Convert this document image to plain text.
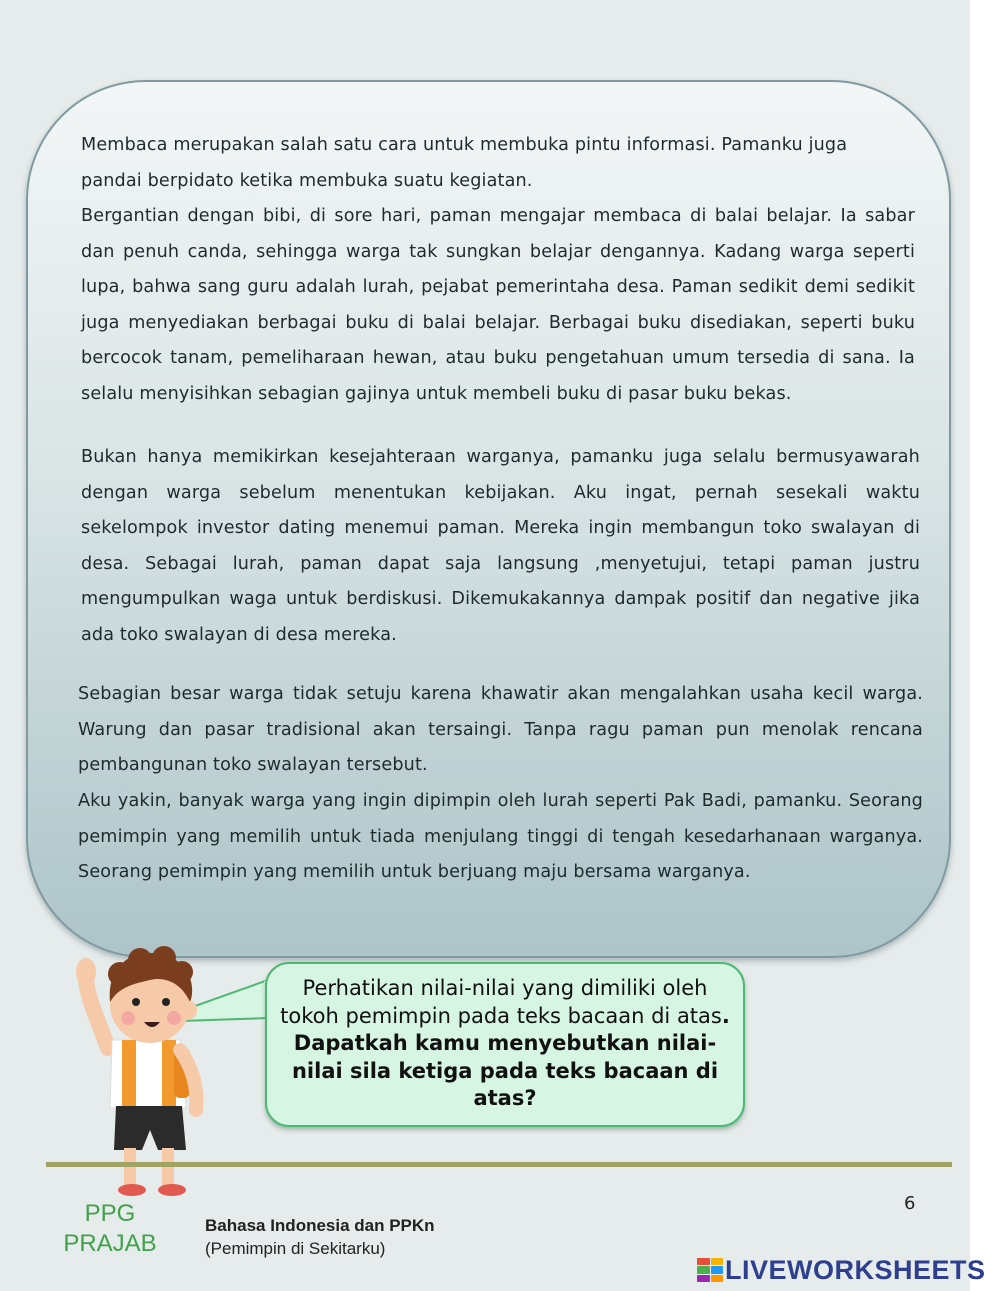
Membaca merupakan salah satu cara untuk membuka pintu informasi. Pamanku juga pandai berpidato ketika membuka suatu kegiatan.

Bergantian dengan bibi, di sore hari, paman mengajar membaca di balai belajar. Ia sabar dan penuh canda, sehingga warga tak sungkan belajar dengannya. Kadang warga seperti lupa, bahwa sang guru adalah lurah, pejabat pemerintaha desa. Paman sedikit demi sedikit juga menyediakan berbagai buku di balai belajar. Berbagai buku disediakan, seperti buku bercocok tanam, pemeliharaan hewan, atau buku pengetahuan umum tersedia di sana. Ia selalu menyisihkan sebagian gajinya untuk membeli buku di pasar buku bekas.

Bukan hanya memikirkan kesejahteraan warganya, pamanku juga selalu bermusyawarah dengan warga sebelum menentukan kebijakan. Aku ingat, pernah sesekali waktu sekelompok investor dating menemui paman. Mereka ingin membangun toko swalayan di desa. Sebagai lurah, paman dapat saja langsung ,menyetujui, tetapi paman justru mengumpulkan waga untuk berdiskusi. Dikemukakannya dampak positif dan negative jika ada toko swalayan di desa mereka.

Sebagian besar warga tidak setuju karena khawatir akan mengalahkan usaha kecil warga. Warung dan pasar tradisional akan tersaingi. Tanpa ragu paman pun menolak rencana pembangunan toko swalayan tersebut.

Aku yakin, banyak warga yang ingin dipimpin oleh lurah seperti Pak Badi, pamanku. Seorang pemimpin yang memilih untuk tiada menjulang tinggi di tengah kesedarhanaan warganya. Seorang pemimpin yang memilih untuk berjuang maju bersama warganya.

Perhatikan nilai-nilai yang dimiliki oleh tokoh pemimpin pada teks bacaan di atas. Dapatkah kamu menyebutkan nilai-nilai sila ketiga pada teks bacaan di atas?

6
PPG
PRAJAB
Bahasa Indonesia dan PPKn
(Pemimpin di Sekitarku)
LIVEWORKSHEETS
